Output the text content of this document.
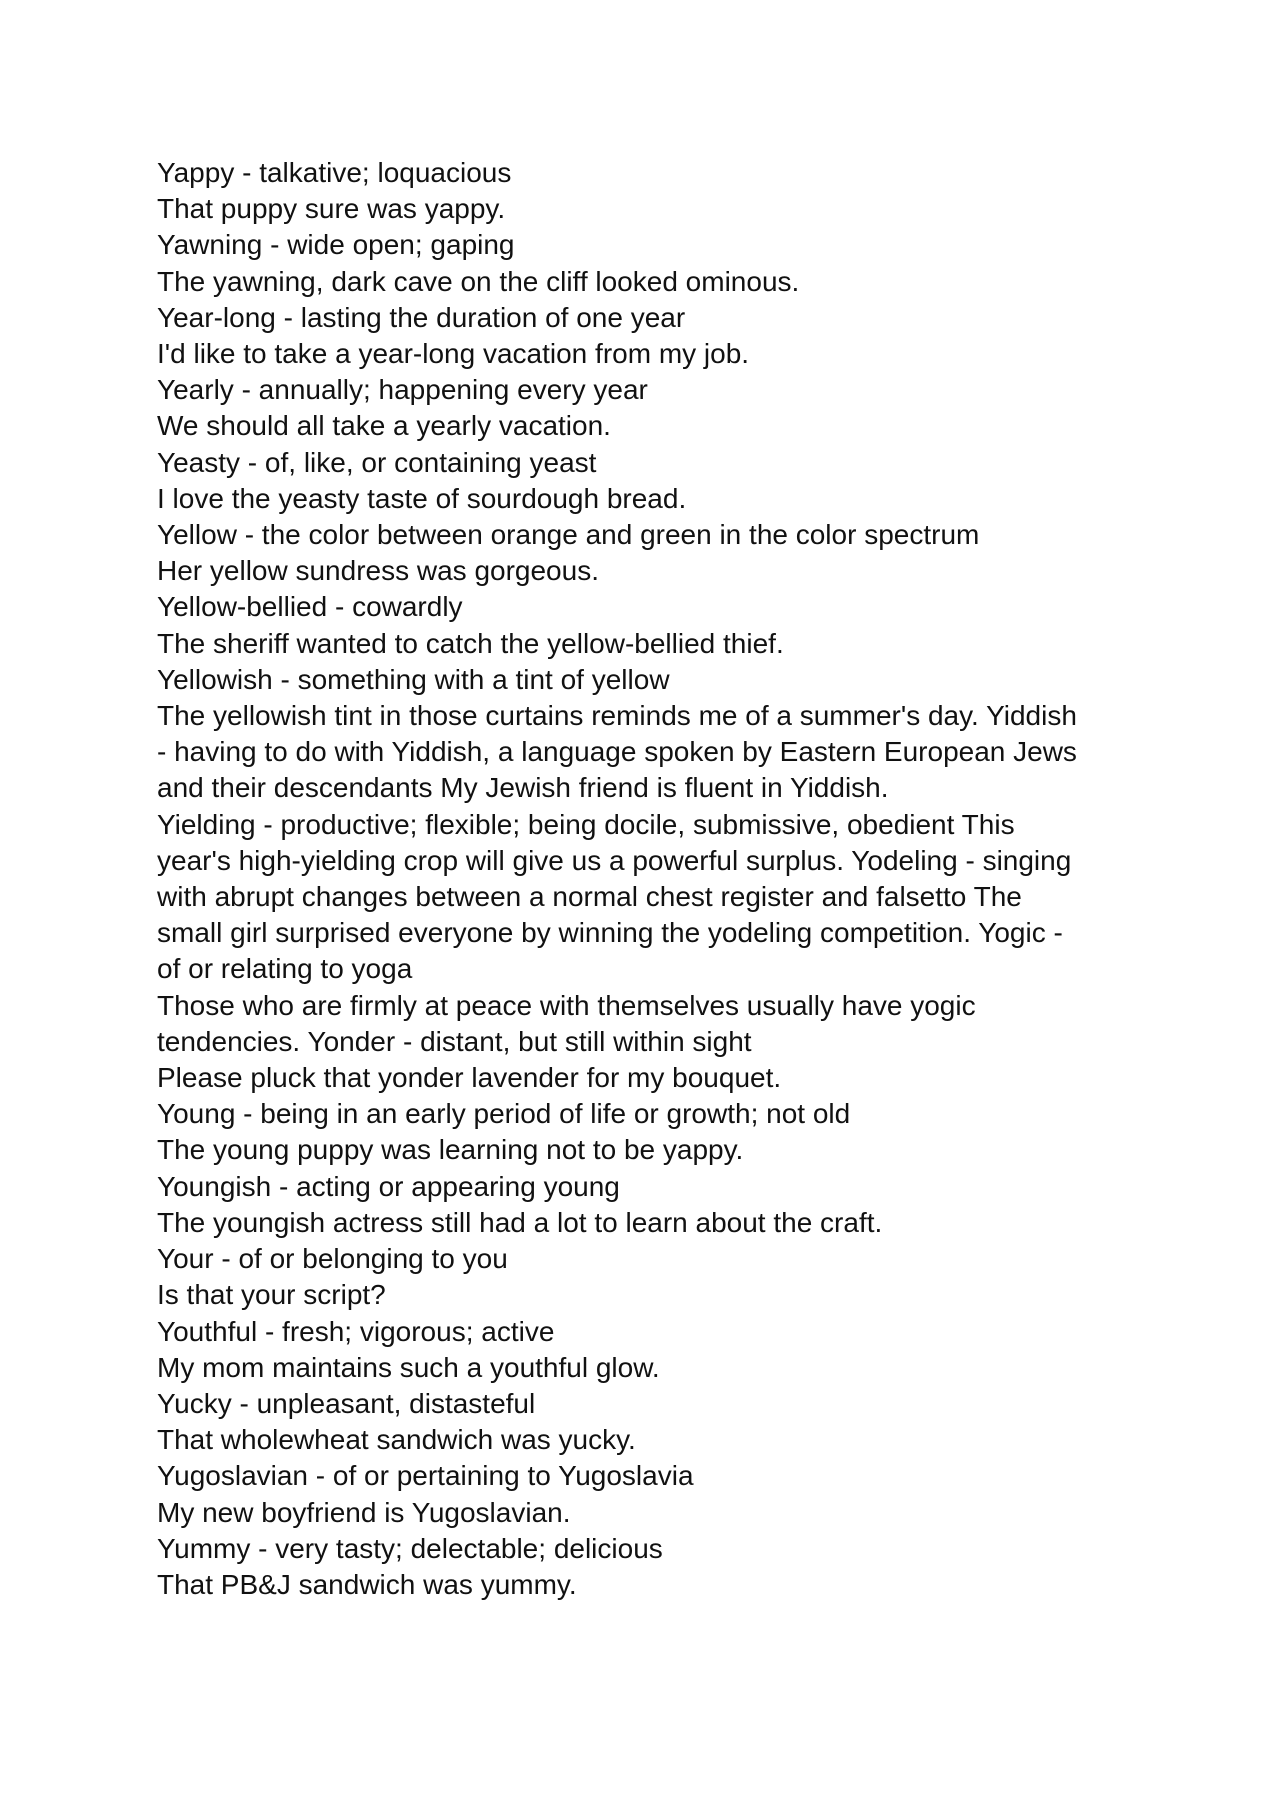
Yappy - talkative; loquacious
That puppy sure was yappy.
Yawning - wide open; gaping
The yawning, dark cave on the cliff looked ominous.
Year-long - lasting the duration of one year
I'd like to take a year-long vacation from my job.
Yearly - annually; happening every year
We should all take a yearly vacation.
Yeasty - of, like, or containing yeast
I love the yeasty taste of sourdough bread.
Yellow - the color between orange and green in the color spectrum
Her yellow sundress was gorgeous.
Yellow-bellied - cowardly
The sheriff wanted to catch the yellow-bellied thief.
Yellowish - something with a tint of yellow
The yellowish tint in those curtains reminds me of a summer's day. Yiddish
- having to do with Yiddish, a language spoken by Eastern European Jews
and their descendants My Jewish friend is fluent in Yiddish.
Yielding - productive; flexible; being docile, submissive, obedient This
year's high-yielding crop will give us a powerful surplus. Yodeling - singing
with abrupt changes between a normal chest register and falsetto The
small girl surprised everyone by winning the yodeling competition. Yogic -
of or relating to yoga
Those who are firmly at peace with themselves usually have yogic
tendencies. Yonder - distant, but still within sight
Please pluck that yonder lavender for my bouquet.
Young - being in an early period of life or growth; not old
The young puppy was learning not to be yappy.
Youngish - acting or appearing young
The youngish actress still had a lot to learn about the craft.
Your - of or belonging to you
Is that your script?
Youthful - fresh; vigorous; active
My mom maintains such a youthful glow.
Yucky - unpleasant, distasteful
That wholewheat sandwich was yucky.
Yugoslavian - of or pertaining to Yugoslavia
My new boyfriend is Yugoslavian.
Yummy - very tasty; delectable; delicious
That PB&J sandwich was yummy.
